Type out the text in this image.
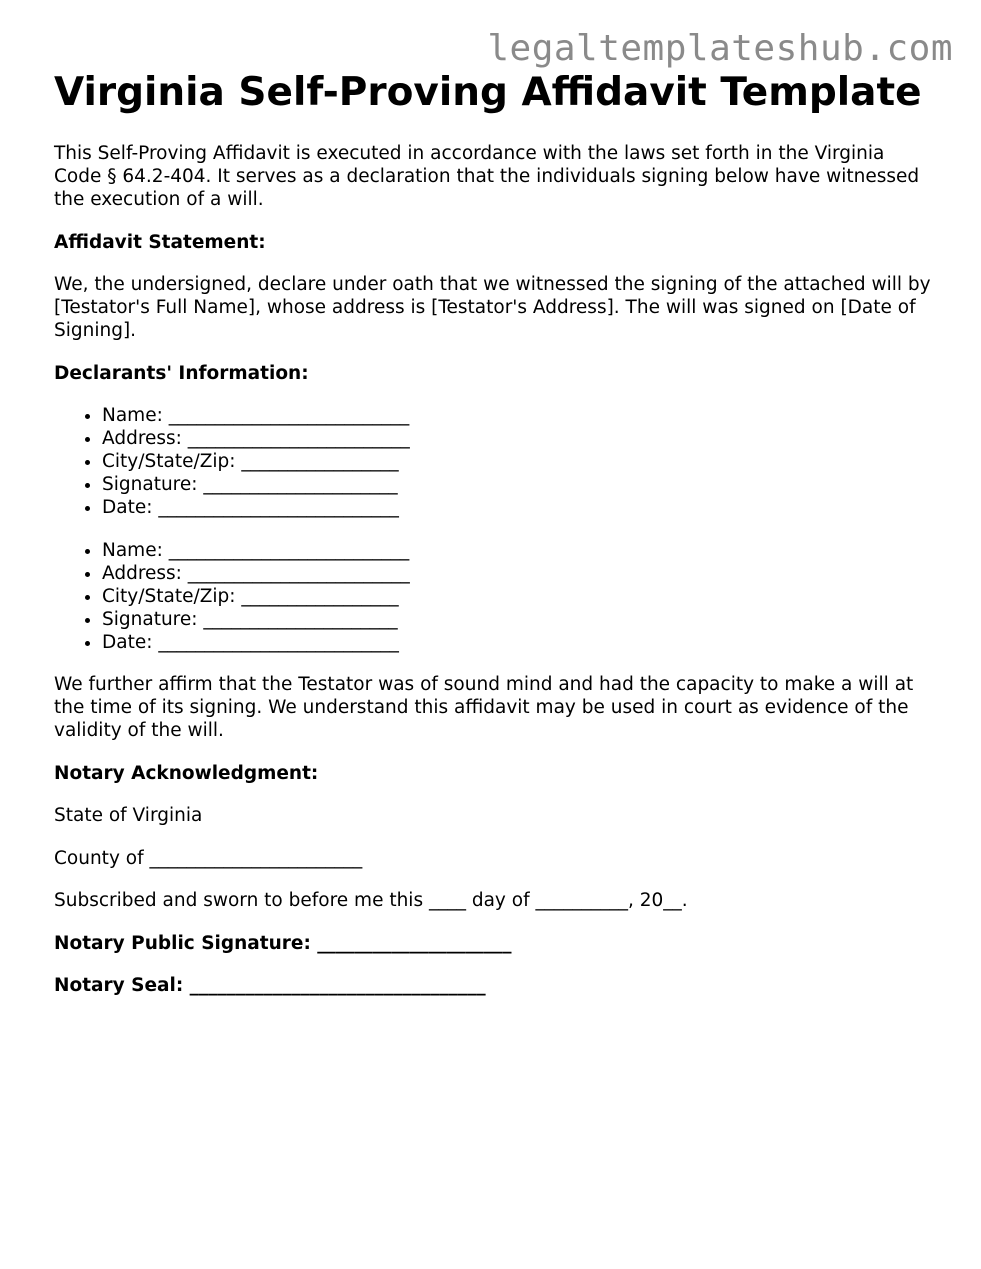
legaltemplateshub.com
Virginia Self-Proving Affidavit Template

This Self-Proving Affidavit is executed in accordance with the laws set forth in the Virginia Code § 64.2-404. It serves as a declaration that the individuals signing below have witnessed the execution of a will.

Affidavit Statement:

We, the undersigned, declare under oath that we witnessed the signing of the attached will by [Testator's Full Name], whose address is [Testator's Address]. The will was signed on [Date of Signing].

Declarants' Information:

• Name: __________________________
• Address: ________________________
• City/State/Zip: _________________
• Signature: _____________________
• Date: __________________________
• Name: __________________________
• Address: ________________________
• City/State/Zip: _________________
• Signature: _____________________
• Date: __________________________

We further affirm that the Testator was of sound mind and had the capacity to make a will at the time of its signing. We understand this affidavit may be used in court as evidence of the validity of the will.

Notary Acknowledgment:

State of Virginia

County of _______________________

Subscribed and sworn to before me this ____ day of __________, 20__.

Notary Public Signature: _____________________

Notary Seal: ________________________________
